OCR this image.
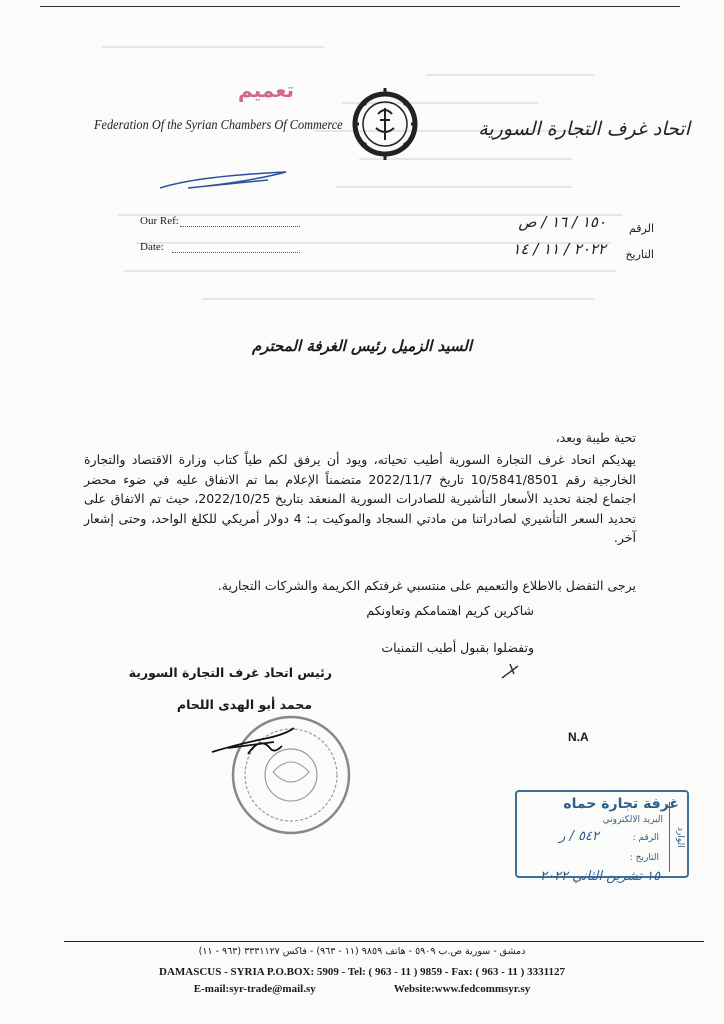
تعميم
Federation Of the Syrian Chambers Of Commerce	اتحاد غرف التجارة السورية
Our Ref:
Date:
الرقم
١٥٠ / ١٦ / ص
التاريخ
٢٠٢٢ / ١١ / ١٤
السيد الزميل رئيس الغرفة المحترم
تحية طيبة وبعد،
يهديكم اتحاد غرف التجارة السورية أطيب تحياته، ويود أن يرفق لكم طياً كتاب وزارة الاقتصاد والتجارة الخارجية رقم 10/5841/8501 تاريخ 2022/11/7 متضمناً الإعلام بما تم الاتفاق عليه في ضوء محضر اجتماع لجنة تحديد الأسعار التأشيرية للصادرات السورية المنعقد بتاريخ 2022/10/25، حيث تم الاتفاق على تحديد السعر التأشيري لصادراتنا من مادتي السجاد والموكيت بـ: 4 دولار أمريكي للكلغ الواحد، وحتى إشعار آخر.
يرجى التفضل بالاطلاع والتعميم على منتسبي غرفتكم الكريمة والشركات التجارية.
شاكرين كريم اهتمامكم وتعاونكم
وتفضلوا بقبول أطيب التمنيات
رئيس اتحاد غرف التجارة السورية
محمد أبو الهدى اللحام
N.A
غرفة تجارة حماه
البريد الالكتروني
الرقم :
٥٤٢ / ر
التاريخ :
الوارد
١٥ تشرين الثاني ٢٠٢٢
دمشق - سورية ص.ب ٥٩٠٩ - هاتف ٩٨٥٩ (١١ - ٩٦٣) - فاكس ٣٣٣١١٢٧ (٩٦٣ - ١١)
DAMASCUS - SYRIA P.O.BOX: 5909 - Tel: ( 963 - 11 ) 9859 - Fax: ( 963 - 11 ) 3331127
E-mail:syr-trade@mail.sy	Website:www.fedcommsyr.sy
